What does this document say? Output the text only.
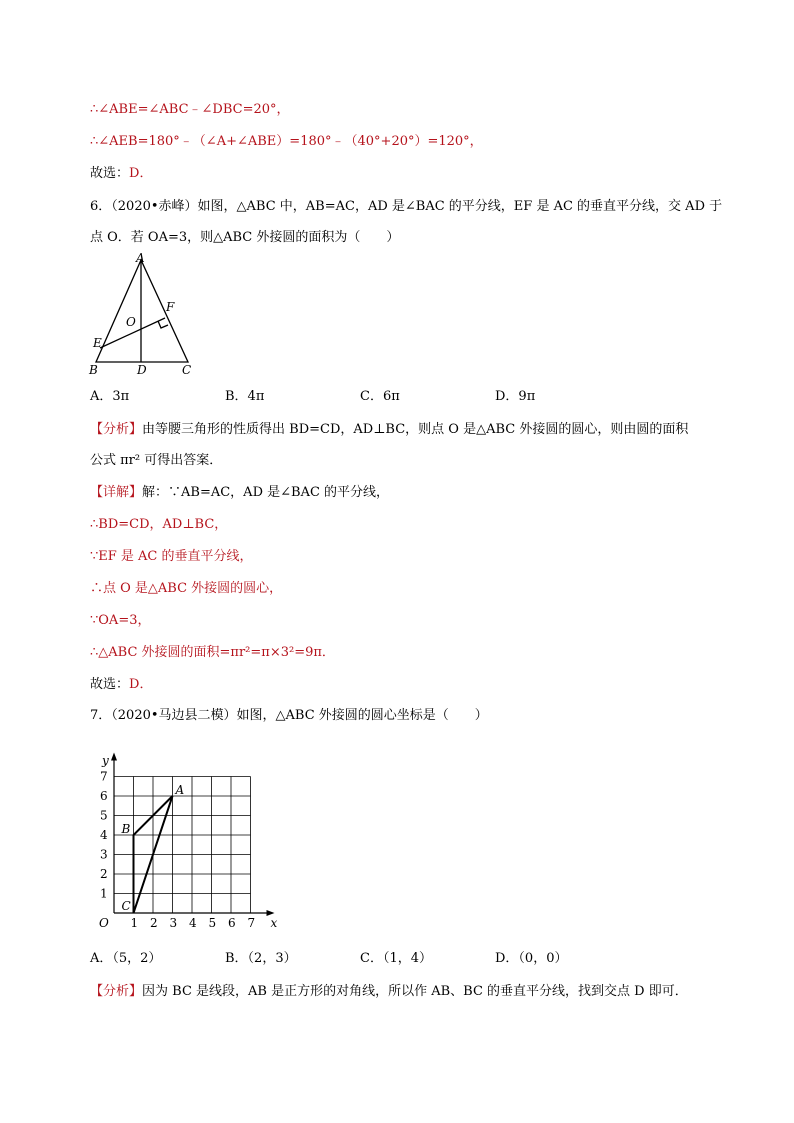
∴∠ABE=∠ABC﹣∠DBC=20°，
∴∠AEB=180°﹣（∠A+∠ABE）=180°﹣（40°+20°）=120°，
故选：D．
6．（2020•赤峰）如图，△ABC 中，AB=AC，AD 是∠BAC 的平分线，EF 是 AC 的垂直平分线，交 AD 于
点 O．若 OA=3，则△ABC 外接圆的面积为（　　）
A
B	C
D
E
F
O
A．3π	B．4π	C．6π	D．9π
【分析】由等腰三角形的性质得出 BD=CD，AD⊥BC，则点 O 是△ABC 外接圆的圆心，则由圆的面积
公式 πr² 可得出答案．
【详解】解：∵AB=AC，AD 是∠BAC 的平分线，
∴BD=CD，AD⊥BC，
∵EF 是 AC 的垂直平分线，
∴点 O 是△ABC 外接圆的圆心，
∵OA=3，
∴△ABC 外接圆的面积=πr²=π×3²=9π．
故选：D．
7．（2020•马边县二模）如图，△ABC 外接圆的圆心坐标是（　　）
1
2
3
4
5
6
7
1 2 3 4 5 6 7
O	x
y
A
B
C
A．（5，2）	B．（2，3）	C．（1，4）	D．（0，0）
【分析】因为 BC 是线段，AB 是正方形的对角线，所以作 AB、BC 的垂直平分线，找到交点 D 即可．
